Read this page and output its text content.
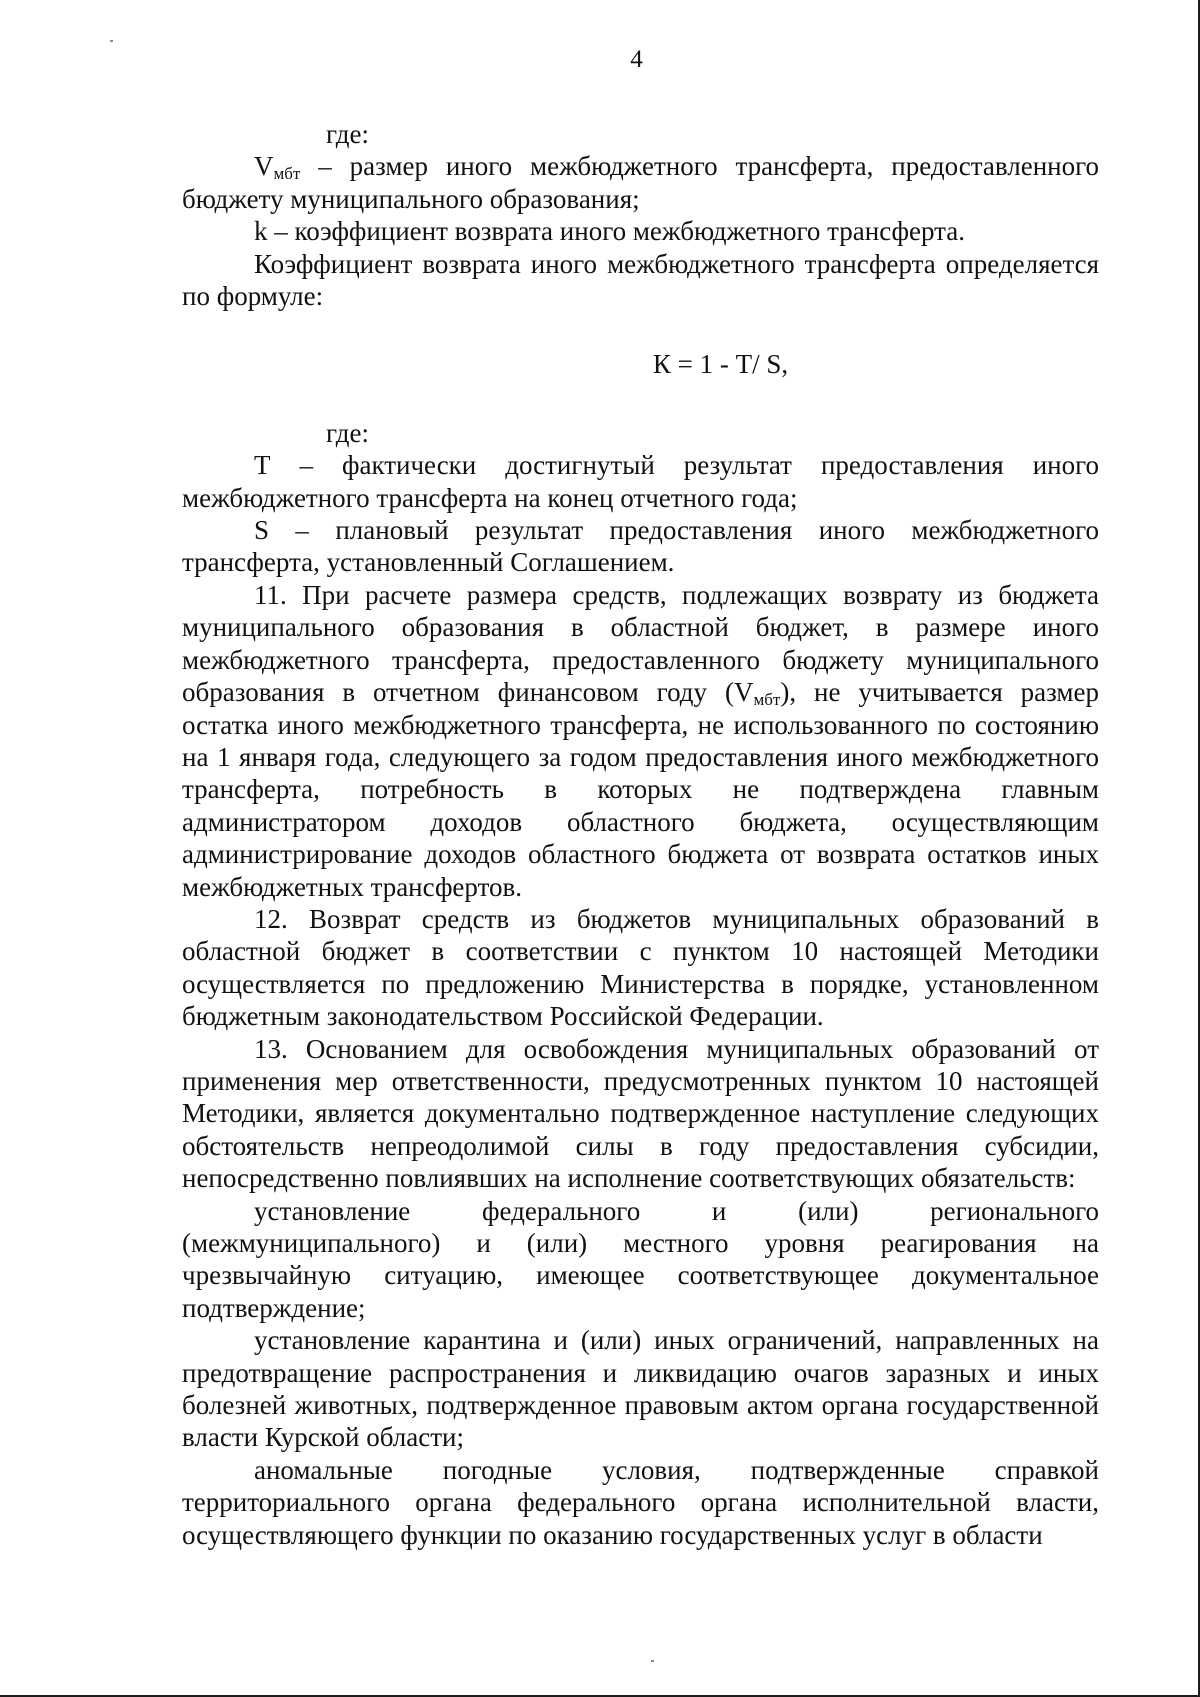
4

где:

$V_{мбт}$ – размер иного межбюджетного трансферта, предоставленного бюджету муниципального образования;

k – коэффициент возврата иного межбюджетного трансферта.

Коэффициент возврата иного межбюджетного трансферта определяется по формуле:

К = 1 - Т/ S,

где:

Т – фактически достигнутый результат предоставления иного межбюджетного трансферта на конец отчетного года;

S – плановый результат предоставления иного межбюджетного трансферта, установленный Соглашением.

11. При расчете размера средств, подлежащих возврату из бюджета муниципального образования в областной бюджет, в размере иного межбюджетного трансферта, предоставленного бюджету муниципального образования в отчетном финансовом году $(V_{мбт})$, не учитывается размер остатка иного межбюджетного трансферта, не использованного по состоянию на 1 января года, следующего за годом предоставления иного межбюджетного трансферта, потребность в которых не подтверждена главным администратором доходов областного бюджета, осуществляющим администрирование доходов областного бюджета от возврата остатков иных межбюджетных трансфертов.

12. Возврат средств из бюджетов муниципальных образований в областной бюджет в соответствии с пунктом 10 настоящей Методики осуществляется по предложению Министерства в порядке, установленном бюджетным законодательством Российской Федерации.

13. Основанием для освобождения муниципальных образований от применения мер ответственности, предусмотренных пунктом 10 настоящей Методики, является документально подтвержденное наступление следующих обстоятельств непреодолимой силы в году предоставления субсидии, непосредственно повлиявших на исполнение соответствующих обязательств:

установление федерального и (или) регионального (межмуниципального) и (или) местного уровня реагирования на чрезвычайную ситуацию, имеющее соответствующее документальное подтверждение;

установление карантина и (или) иных ограничений, направленных на предотвращение распространения и ликвидацию очагов заразных и иных болезней животных, подтвержденное правовым актом органа государственной власти Курской области;

аномальные погодные условия, подтвержденные справкой территориального органа федерального органа исполнительной власти, осуществляющего функции по оказанию государственных услуг в области
